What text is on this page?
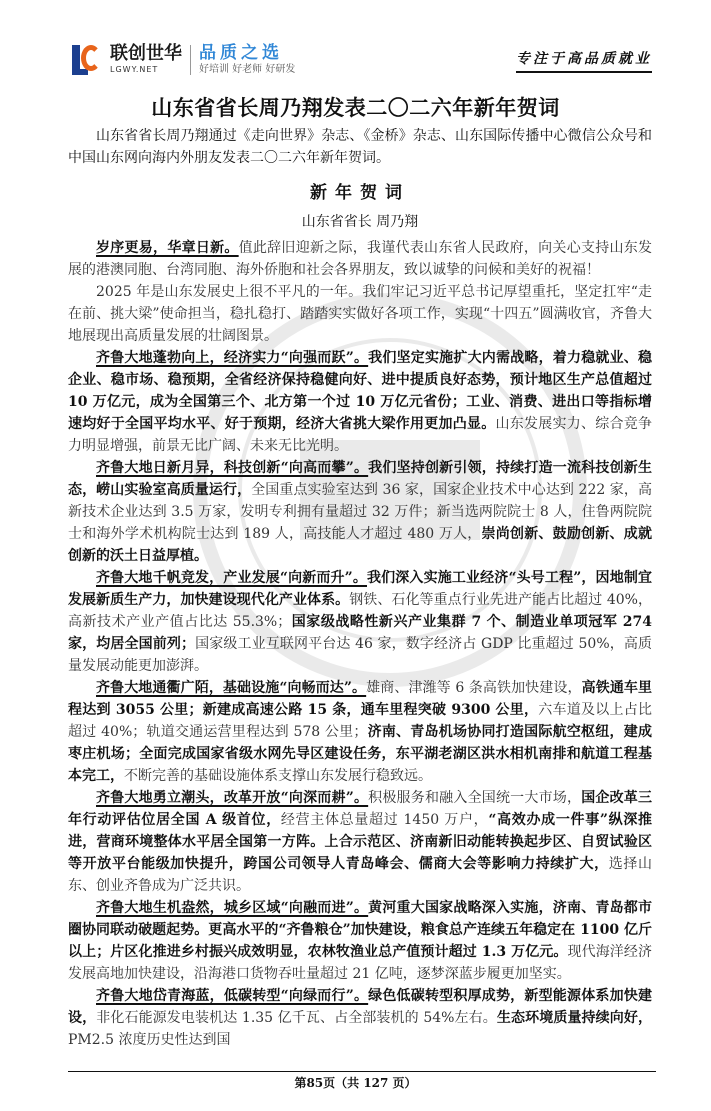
联创世华
LGWY.NET
品质之选
好培训 好老师 好研发
专注于高品质就业
山东省省长周乃翔发表二〇二六年新年贺词

山东省省长周乃翔通过《走向世界》杂志、《金桥》杂志、山东国际传播中心微信公众号和中国山东网向海内外朋友发表二〇二六年新年贺词。

新年贺词
山东省省长 周乃翔

岁序更易，华章日新。值此辞旧迎新之际，我谨代表山东省人民政府，向关心支持山东发展的港澳同胞、台湾同胞、海外侨胞和社会各界朋友，致以诚挚的问候和美好的祝福！

2025 年是山东发展史上很不平凡的一年。我们牢记习近平总书记厚望重托，坚定扛牢“走在前、挑大梁”使命担当，稳扎稳打、踏踏实实做好各项工作，实现“十四五”圆满收官，齐鲁大地展现出高质量发展的壮阔图景。

齐鲁大地蓬勃向上，经济实力“向强而跃”。我们坚定实施扩大内需战略，着力稳就业、稳企业、稳市场、稳预期，全省经济保持稳健向好、进中提质良好态势，预计地区生产总值超过 10 万亿元，成为全国第三个、北方第一个过 10 万亿元省份；工业、消费、进出口等指标增速均好于全国平均水平、好于预期，经济大省挑大梁作用更加凸显。山东发展实力、综合竞争力明显增强，前景无比广阔、未来无比光明。

齐鲁大地日新月异，科技创新“向高而攀”。我们坚持创新引领，持续打造一流科技创新生态，崂山实验室高质量运行，全国重点实验室达到 36 家，国家企业技术中心达到 222 家，高新技术企业达到 3.5 万家，发明专利拥有量超过 32 万件；新当选两院院士 8 人，住鲁两院院士和海外学术机构院士达到 189 人，高技能人才超过 480 万人，崇尚创新、鼓励创新、成就创新的沃土日益厚植。

齐鲁大地千帆竞发，产业发展“向新而升”。我们深入实施工业经济“头号工程”，因地制宜发展新质生产力，加快建设现代化产业体系。钢铁、石化等重点行业先进产能占比超过 40%，高新技术产业产值占比达 55.3%；国家级战略性新兴产业集群 7 个、制造业单项冠军 274 家，均居全国前列；国家级工业互联网平台达 46 家，数字经济占 GDP 比重超过 50%，高质量发展动能更加澎湃。

齐鲁大地通衢广陌，基础设施“向畅而达”。雄商、津潍等 6 条高铁加快建设，高铁通车里程达到 3055 公里；新建成高速公路 15 条，通车里程突破 9300 公里，六车道及以上占比超过 40%；轨道交通运营里程达到 578 公里；济南、青岛机场协同打造国际航空枢纽，建成枣庄机场；全面完成国家省级水网先导区建设任务，东平湖老湖区洪水相机南排和航道工程基本完工，不断完善的基础设施体系支撑山东发展行稳致远。

齐鲁大地勇立潮头，改革开放“向深而耕”。积极服务和融入全国统一大市场，国企改革三年行动评估位居全国 A 级首位，经营主体总量超过 1450 万户，“高效办成一件事”纵深推进，营商环境整体水平居全国第一方阵。上合示范区、济南新旧动能转换起步区、自贸试验区等开放平台能级加快提升，跨国公司领导人青岛峰会、儒商大会等影响力持续扩大，选择山东、创业齐鲁成为广泛共识。

齐鲁大地生机盎然，城乡区域“向融而进”。黄河重大国家战略深入实施，济南、青岛都市圈协同联动破题起势。更高水平的“齐鲁粮仓”加快建设，粮食总产连续五年稳定在 1100 亿斤以上；片区化推进乡村振兴成效明显，农林牧渔业总产值预计超过 1.3 万亿元。现代海洋经济发展高地加快建设，沿海港口货物吞吐量超过 21 亿吨，逐梦深蓝步履更加坚实。

齐鲁大地岱青海蓝，低碳转型“向绿而行”。绿色低碳转型积厚成势，新型能源体系加快建设，非化石能源发电装机达 1.35 亿千瓦、占全部装机的 54%左右。生态环境质量持续向好，PM2.5 浓度历史性达到国

第85页（共 127 页）
